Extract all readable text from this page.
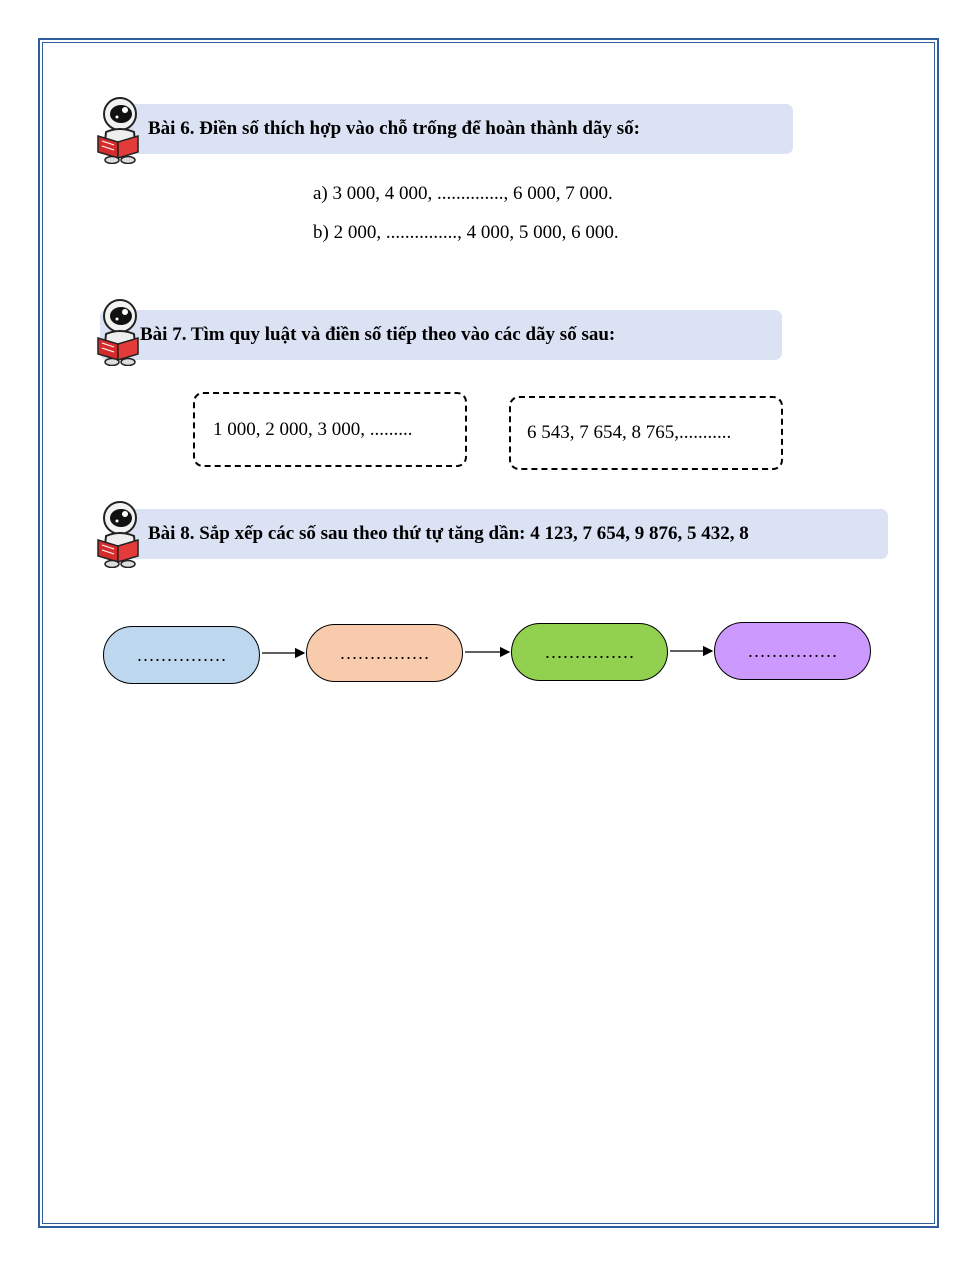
Bài 6. Điền số thích hợp vào chỗ trống để hoàn thành dãy số:
a) 3 000, 4 000, .............., 6 000, 7 000.
b) 2 000, ..............., 4 000, 5 000, 6 000.
Bài 7. Tìm quy luật và điền số tiếp theo vào các dãy số sau:
1 000, 2 000, 3 000, .........	6 543, 7 654, 8 765,...........
Bài 8. Sắp xếp các số sau theo thứ tự tăng dần: 4 123, 7 654, 9 876, 5 432, 8
……………	……………	……………	……………
